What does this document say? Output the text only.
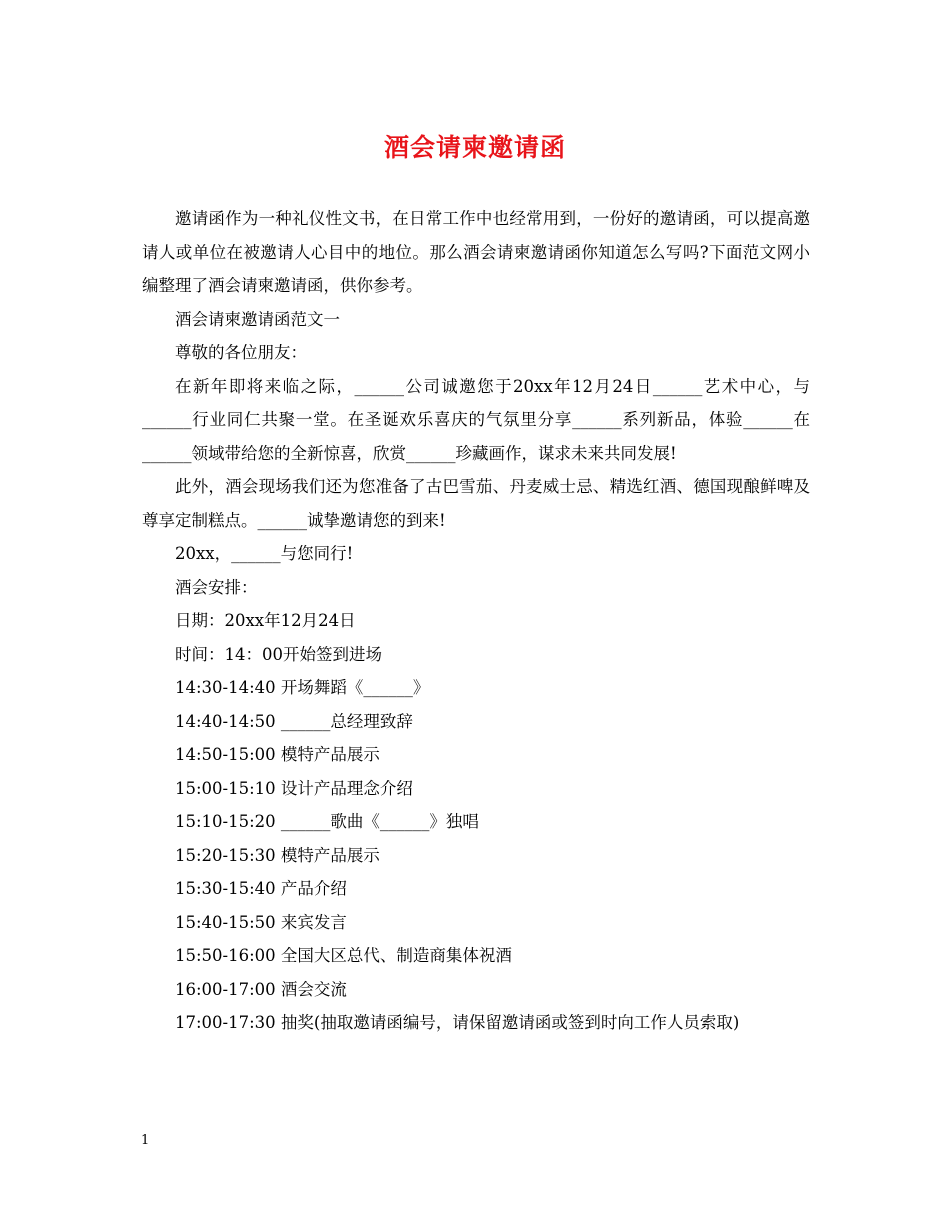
酒会请柬邀请函

邀请函作为一种礼仪性文书，在日常工作中也经常用到，一份好的邀请函，可以提高邀请人或单位在被邀请人心目中的地位。那么酒会请柬邀请函你知道怎么写吗?下面范文网小编整理了酒会请柬邀请函，供你参考。

酒会请柬邀请函范文一

尊敬的各位朋友：

在新年即将来临之际，______公司诚邀您于20xx年12月24日______艺术中心，与______行业同仁共聚一堂。在圣诞欢乐喜庆的气氛里分享______系列新品，体验______在______领域带给您的全新惊喜，欣赏______珍藏画作，谋求未来共同发展!

此外，酒会现场我们还为您准备了古巴雪茄、丹麦威士忌、精选红酒、德国现酿鲜啤及尊享定制糕点。______诚挚邀请您的到来!

20xx，______与您同行!

酒会安排：

日期：20xx年12月24日

时间：14：00开始签到进场

14:30-14:40 开场舞蹈《______》

14:40-14:50 ______总经理致辞

14:50-15:00 模特产品展示

15:00-15:10 设计产品理念介绍

15:10-15:20 ______歌曲《______》独唱

15:20-15:30 模特产品展示

15:30-15:40 产品介绍

15:40-15:50 来宾发言

15:50-16:00 全国大区总代、制造商集体祝酒

16:00-17:00 酒会交流

17:00-17:30 抽奖(抽取邀请函编号，请保留邀请函或签到时向工作人员索取)

1
